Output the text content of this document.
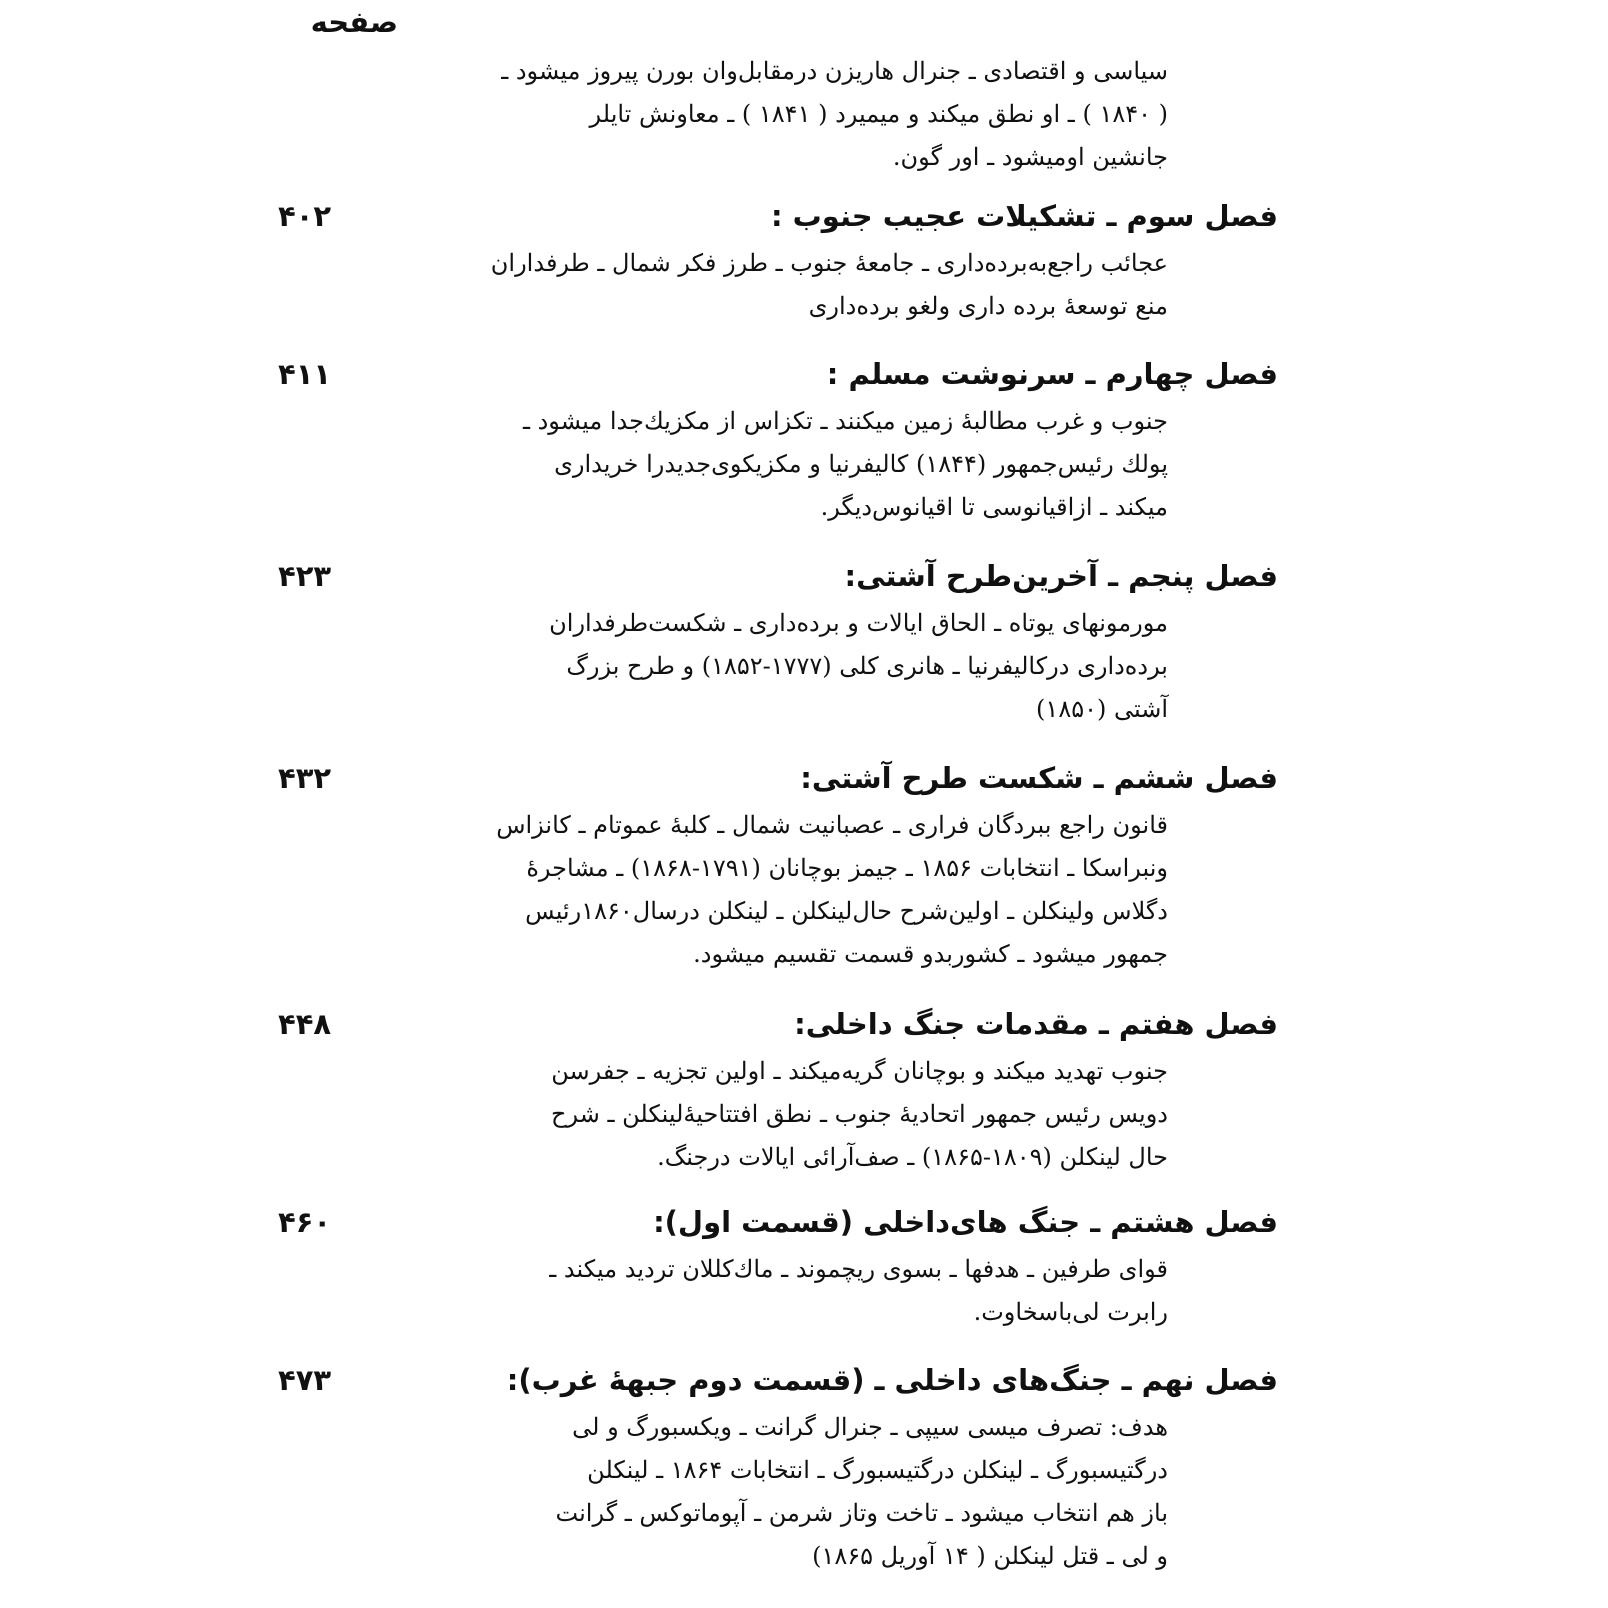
صفحه
سیاسی و اقتصادی ـ جنرال هاریزن درمقابل‌وان بورن پیروز میشود ـ
( ۱۸۴۰ ) ـ او نطق میکند و میمیرد ( ۱۸۴۱ ) ـ معاونش تایلر
جانشین اومیشود ـ اور گون.
فصل سوم ـ تشکیلات عجیب جنوب :
۴۰۲
عجائب راجع‌به‌برده‌داری ـ جامعهٔ جنوب ـ طرز فکر شمال ـ طرفداران
منع توسعهٔ برده داری ولغو برده‌داری
فصل چهارم ـ سرنوشت مسلم :
۴۱۱
جنوب و غرب مطالبهٔ زمین میکنند ـ تکزاس از مکزیك‌جدا میشود ـ
پولك رئیس‌جمهور (۱۸۴۴) کالیفرنیا و مکزیکوی‌جدیدرا خریداری
میکند ـ ازاقیانوسی تا اقیانوس‌دیگر.
فصل پنجم ـ آخرین‌طرح آشتی:
۴۲۳
مورمونهای یوتاه ـ الحاق ایالات و برده‌داری ـ شکست‌طرفداران
برده‌داری درکالیفرنیا ـ هانری کلی (۱۷۷۷-۱۸۵۲) و طرح بزرگ
آشتی (۱۸۵۰)
فصل ششم ـ شکست طرح آشتی:
۴۳۲
قانون راجع ببردگان فراری ـ عصبانیت شمال ـ کلبهٔ عموتام ـ کانزاس
ونبراسکا ـ انتخابات ۱۸۵۶ ـ جیمز بوچانان (۱۷۹۱-۱۸۶۸) ـ مشاجرهٔ
دگلاس ولینکلن ـ اولین‌شرح حال‌لینکلن ـ لینکلن درسال۱۸۶۰رئیس
جمهور میشود ـ کشوربدو قسمت تقسیم میشود.
فصل هفتم ـ مقدمات جنگ داخلی:
۴۴۸
جنوب تهدید میکند و بوچانان گریه‌میکند ـ اولین تجزیه ـ جفرسن
دویس رئیس جمهور اتحادیهٔ جنوب ـ نطق افتتاحیهٔ‌لینکلن ـ شرح
حال لینکلن (۱۸۰۹-۱۸۶۵) ـ صف‌آرائی ایالات درجنگ.
فصل هشتم ـ جنگ های‌داخلی (قسمت اول):
۴۶۰
قوای طرفین ـ هدفها ـ بسوی ریچموند ـ ماك‌کللان تردید میکند ـ
رابرت لی‌باسخاوت.
فصل نهم ـ جنگ‌های داخلی ـ (قسمت دوم جبههٔ غرب):
۴۷۳
هدف: تصرف میسی سیپی ـ جنرال گرانت ـ ویکسبورگ و لی
درگتیسبورگ ـ لینکلن درگتیسبورگ ـ انتخابات ۱۸۶۴ ـ لینکلن
باز هم انتخاب میشود ـ تاخت وتاز شرمن ـ آپوماتوکس ـ گرانت
و لی ـ قتل لینکلن ( ۱۴ آوریل ۱۸۶۵)
